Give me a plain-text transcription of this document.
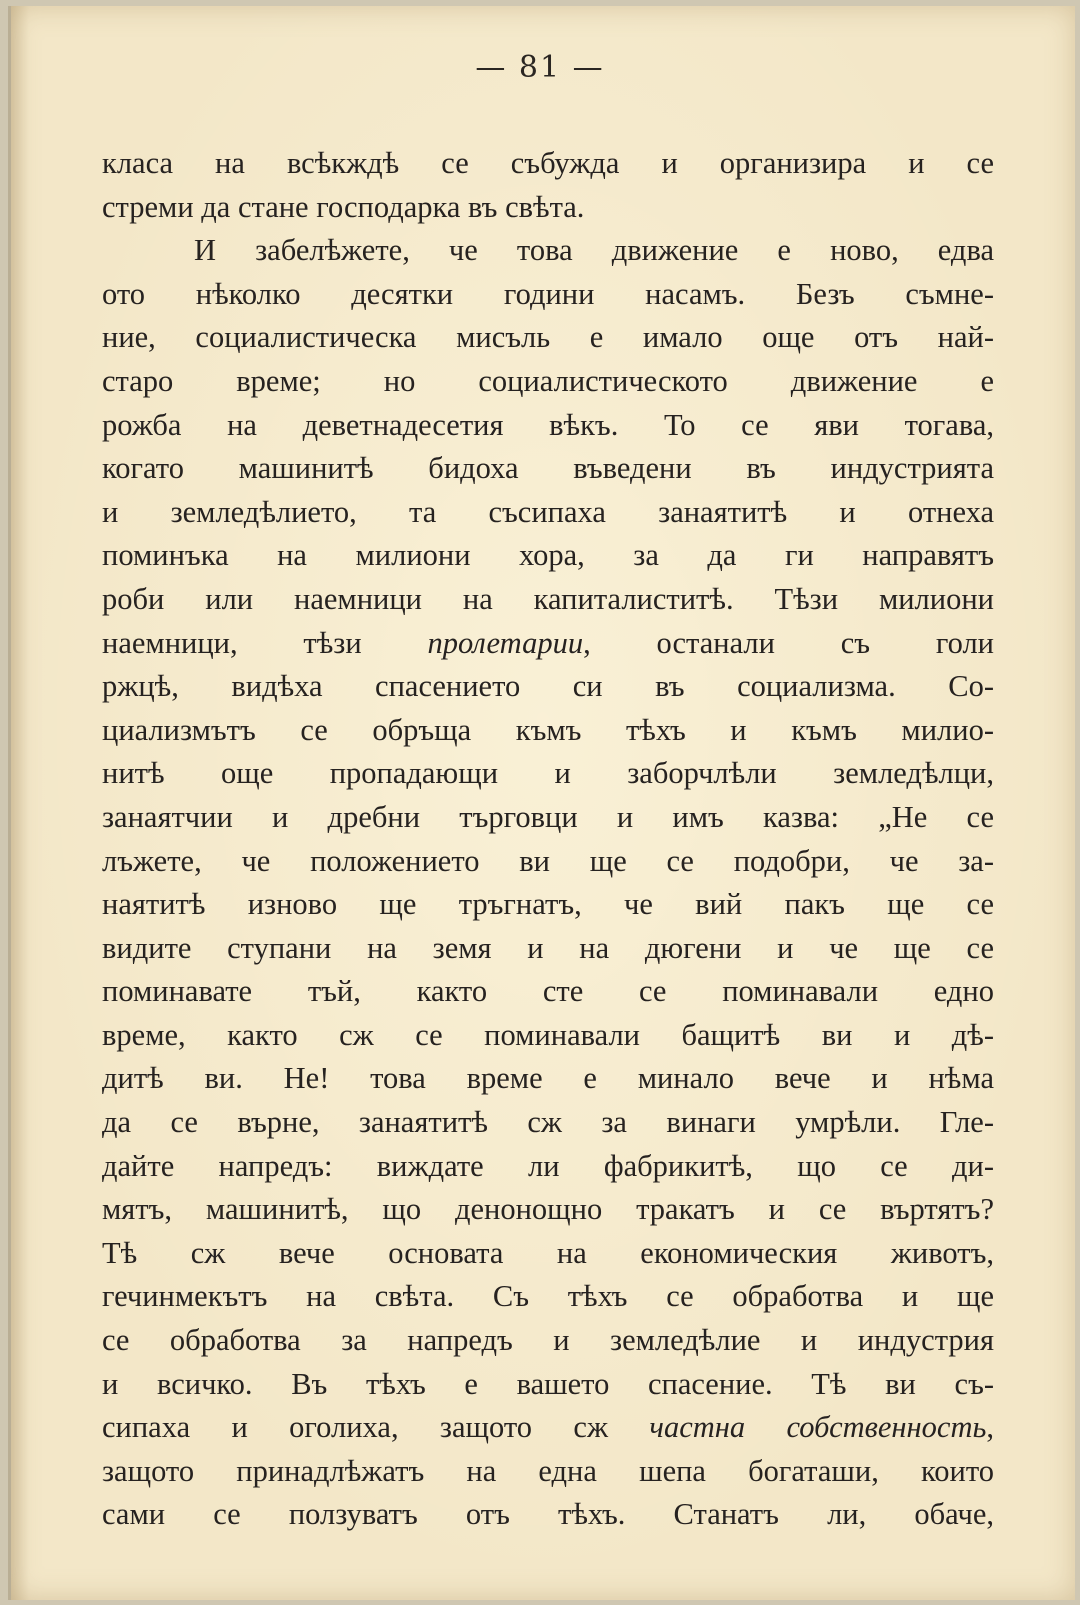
— 81 —
класа на всѣкждѣ се събужда и организира и се
стреми да стане господарка въ свѣта.
И забелѣжете, че това движение е ново, едва
ото нѣколко десятки години насамъ. Безъ съмне-
ние, социалистическа мисъль е имало още отъ най-
старо време; но социалистическото движение е
рожба на деветнадесетия вѣкъ. То се яви тогава,
когато машинитѣ бидоха въведени въ индустрията
и земледѣлието, та съсипаха занаятитѣ и отнеха
поминъка на милиони хора, за да ги направятъ
роби или наемници на капиталиститѣ. Тѣзи милиони
наемници, тѣзи пролетарии, останали съ голи
ржцѣ, видѣха спасението си въ социализма. Со-
циализмътъ се обръща къмъ тѣхъ и къмъ милио-
нитѣ още пропадающи и заборчлѣли земледѣлци,
занаятчии и дребни търговци и имъ казва: „Не се
лъжете, че положението ви ще се подобри, че за-
наятитѣ изново ще тръгнатъ, че вий пакъ ще се
видите ступани на земя и на дюгени и че ще се
поминавате тъй, както сте се поминавали едно
време, както сж се поминавали бащитѣ ви и дѣ-
дитѣ ви. Не! това време е минало вече и нѣма
да се върне, занаятитѣ сж за винаги умрѣли. Гле-
дайте напредъ: виждате ли фабрикитѣ, що се ди-
мятъ, машинитѣ, що денонощно тракатъ и се въртятъ?
Тѣ сж вече основата на економическия животъ,
гечинмекътъ на свѣта. Съ тѣхъ се обработва и ще
се обработва за напредъ и земледѣлие и индустрия
и всичко. Въ тѣхъ е вашето спасение. Тѣ ви съ-
сипаха и оголиха, защото сж частна собственность,
защото принадлѣжатъ на една шепа богаташи, които
сами се ползуватъ отъ тѣхъ. Станатъ ли, обаче,
